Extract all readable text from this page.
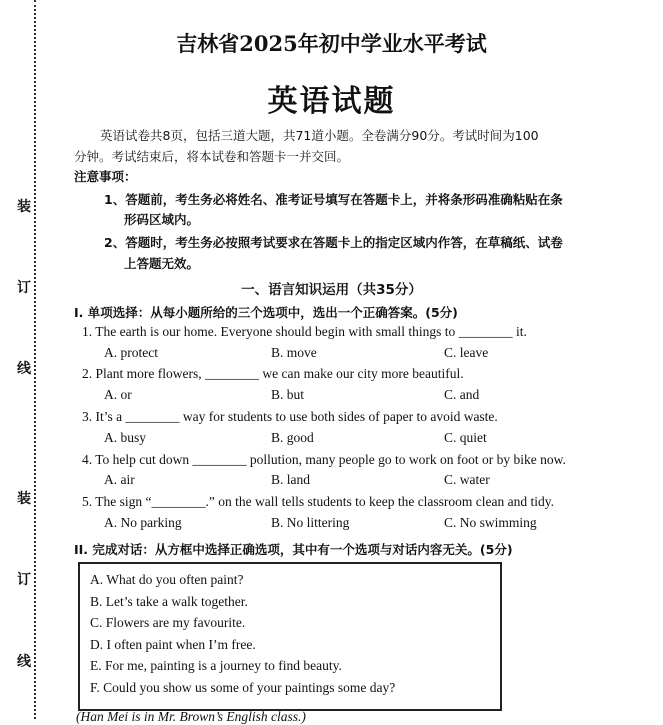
装
订
线
装
订
线
吉林省2025年初中学业水平考试
英语试题
英语试卷共8页，包括三道大题，共71道小题。全卷满分90分。考试时间为100
分钟。考试结束后，将本试卷和答题卡一并交回。
注意事项：
1、答题前，考生务必将姓名、准考证号填写在答题卡上，并将条形码准确粘贴在条
形码区域内。
2、答题时，考生务必按照考试要求在答题卡上的指定区域内作答，在草稿纸、试卷
上答题无效。
一、语言知识运用（共35分）
I. 单项选择：从每小题所给的三个选项中，选出一个正确答案。(5分)
1. The earth is our home. Everyone should begin with small things to ________ it.
A. protect	B. move	C. leave
2. Plant more flowers, ________ we can make our city more beautiful.
A. or	B. but	C. and
3. It’s a ________ way for students to use both sides of paper to avoid waste.
A. busy	B. good	C. quiet
4. To help cut down ________ pollution, many people go to work on foot or by bike now.
A. air	B. land	C. water
5. The sign “________.” on the wall tells students to keep the classroom clean and tidy.
A. No parking	B. No littering	C. No swimming
II. 完成对话：从方框中选择正确选项，其中有一个选项与对话内容无关。(5分)
A. What do you often paint?
B. Let’s take a walk together.
C. Flowers are my favourite.
D. I often paint when I’m free.
E. For me, painting is a journey to find beauty.
F. Could you show us some of your paintings some day?
(Han Mei is in Mr. Brown’s English class.)
